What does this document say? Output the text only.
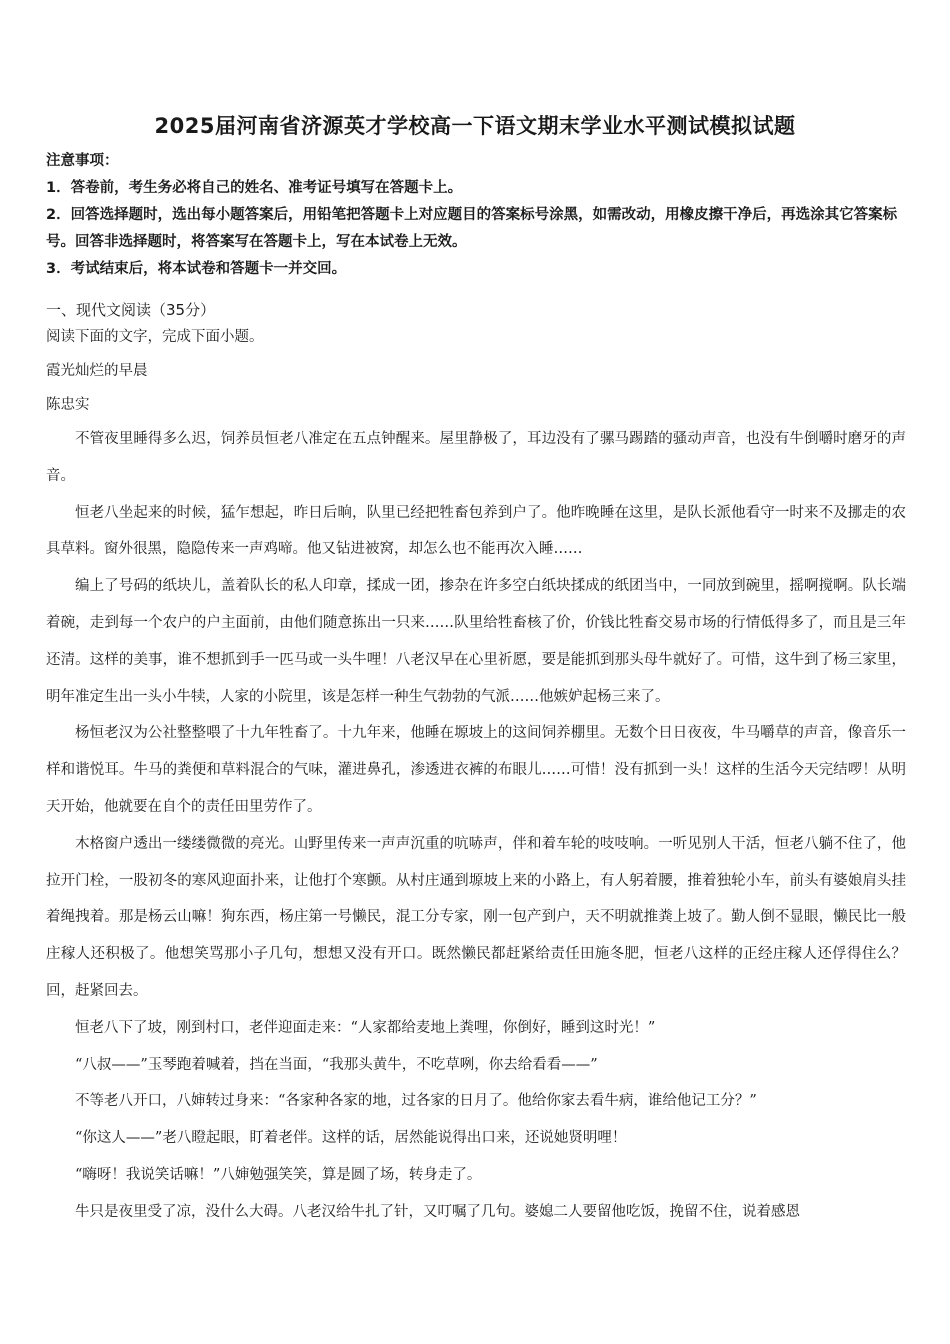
2025届河南省济源英才学校高一下语文期末学业水平测试模拟试题

注意事项：

1．答卷前，考生务必将自己的姓名、准考证号填写在答题卡上。

2．回答选择题时，选出每小题答案后，用铅笔把答题卡上对应题目的答案标号涂黑，如需改动，用橡皮擦干净后，再选涂其它答案标号。回答非选择题时，将答案写在答题卡上，写在本试卷上无效。

3．考试结束后，将本试卷和答题卡一并交回。

一、现代文阅读（35分）
阅读下面的文字，完成下面小题。
霞光灿烂的早晨
陈忠实

不管夜里睡得多么迟，饲养员恒老八准定在五点钟醒来。屋里静极了，耳边没有了骡马踢踏的骚动声音，也没有牛倒嚼时磨牙的声音。

恒老八坐起来的时候，猛乍想起，昨日后晌，队里已经把牲畜包养到户了。他昨晚睡在这里，是队长派他看守一时来不及挪走的农具草料。窗外很黑，隐隐传来一声鸡啼。他又钻进被窝，却怎么也不能再次入睡……

编上了号码的纸块儿，盖着队长的私人印章，揉成一团，掺杂在许多空白纸块揉成的纸团当中，一同放到碗里，摇啊搅啊。队长端着碗，走到每一个农户的户主面前，由他们随意拣出一只来……队里给牲畜核了价，价钱比牲畜交易市场的行情低得多了，而且是三年还清。这样的美事，谁不想抓到手一匹马或一头牛哩！八老汉早在心里祈愿，要是能抓到那头母牛就好了。可惜，这牛到了杨三家里，明年准定生出一头小牛犊，人家的小院里，该是怎样一种生气勃勃的气派……他嫉妒起杨三来了。

杨恒老汉为公社整整喂了十九年牲畜了。十九年来，他睡在塬坡上的这间饲养棚里。无数个日日夜夜，牛马嚼草的声音，像音乐一样和谐悦耳。牛马的粪便和草料混合的气味，灌进鼻孔，渗透进衣裤的布眼儿……可惜！没有抓到一头！这样的生活今天完结啰！从明天开始，他就要在自个的责任田里劳作了。

木格窗户透出一缕缕微微的亮光。山野里传来一声声沉重的吭哧声，伴和着车轮的吱吱响。一听见别人干活，恒老八躺不住了，他拉开门栓，一股初冬的寒风迎面扑来，让他打个寒颤。从村庄通到塬坡上来的小路上，有人躬着腰，推着独轮小车，前头有婆娘肩头挂着绳拽着。那是杨云山嘛！狗东西，杨庄第一号懒民，混工分专家，刚一包产到户，天不明就推粪上坡了。勤人倒不显眼，懒民比一般庄稼人还积极了。他想笑骂那小子几句，想想又没有开口。既然懒民都赶紧给责任田施冬肥，恒老八这样的正经庄稼人还俘得住么？回，赶紧回去。

恒老八下了坡，刚到村口，老伴迎面走来：“人家都给麦地上粪哩，你倒好，睡到这时光！”

“八叔——”玉琴跑着喊着，挡在当面，“我那头黄牛，不吃草咧，你去给看看——”

不等老八开口，八婶转过身来：“各家种各家的地，过各家的日月了。他给你家去看牛病，谁给他记工分？”

“你这人——”老八瞪起眼，盯着老伴。这样的话，居然能说得出口来，还说她贤明哩！

“嗨呀！我说笑话嘛！”八婶勉强笑笑，算是圆了场，转身走了。

牛只是夜里受了凉，没什么大碍。八老汉给牛扎了针，又叮嘱了几句。婆媳二人要留他吃饭，挽留不住，说着感恩
